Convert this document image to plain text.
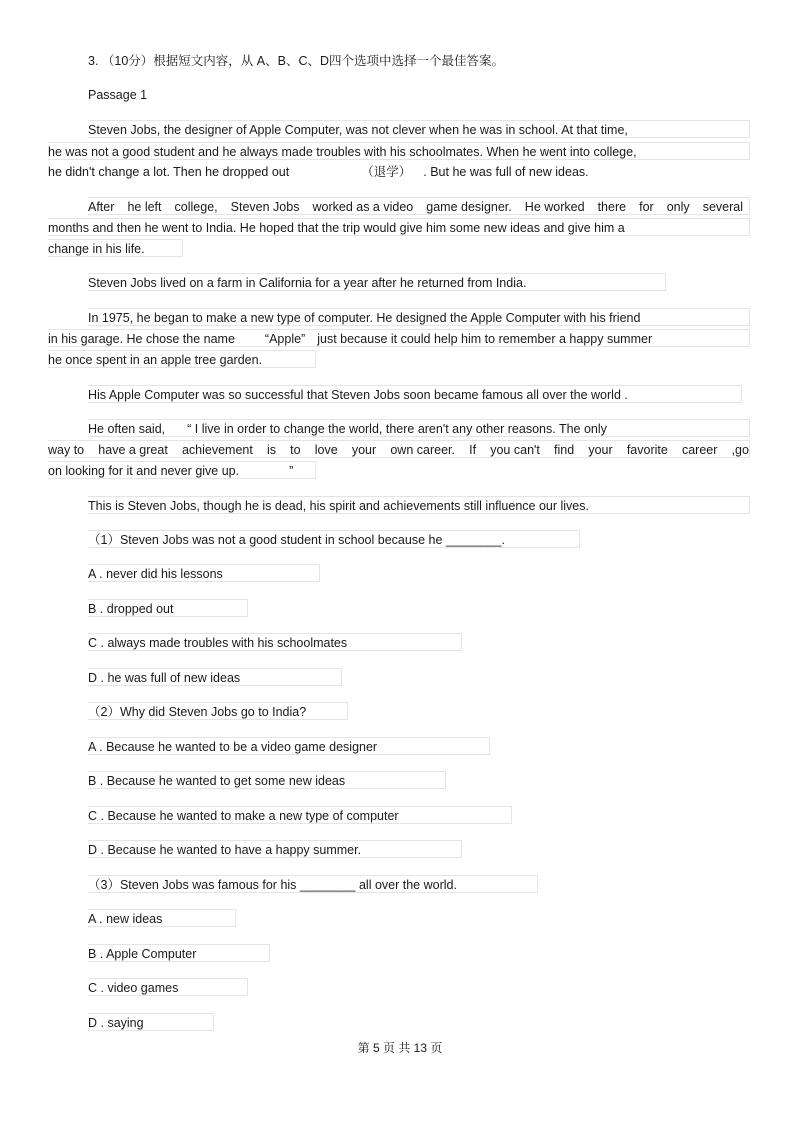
3. （10分）根据短文内容，从 A、B、C、D四个选项中选择一个最佳答案。
Passage 1
Steven Jobs, the designer of Apple Computer, was not clever when he was in school. At that time,
he was not a good student and he always made troubles with his schoolmates. When he went into college,
he didn't change a lot. Then he dropped out	（退学） . But he was full of new ideas.
After he left college, Steven Jobs worked as a video game designer. He worked there for only several
months and then he went to India. He hoped that the trip would give him some new ideas and give him a
change in his life.
Steven Jobs lived on a farm in California for a year after he returned from India.
In 1975, he began to make a new type of computer. He designed the Apple Computer with his friend
in his garage. He chose the name “Apple” just because it could help him to remember a happy summer
he once spent in an apple tree garden.
His Apple Computer was so successful that Steven Jobs soon became famous all over the world .
He often said, “ I live in order to change the world, there aren't any other reasons. The only
way to have a great achievement is to love your own career. If you can't find your favorite career ,go
on looking for it and never give up.	”
This is Steven Jobs, though he is dead, his spirit and achievements still influence our lives.
（1）Steven Jobs was not a good student in school because he ________.
A . never did his lessons
B . dropped out
C . always made troubles with his schoolmates
D . he was full of new ideas
（2）Why did Steven Jobs go to India?
A . Because he wanted to be a video game designer
B . Because he wanted to get some new ideas
C . Because he wanted to make a new type of computer
D . Because he wanted to have a happy summer.
（3）Steven Jobs was famous for his ________ all over the world.
A . new ideas
B . Apple Computer
C . video games
D . saying
第 5 页 共 13 页
